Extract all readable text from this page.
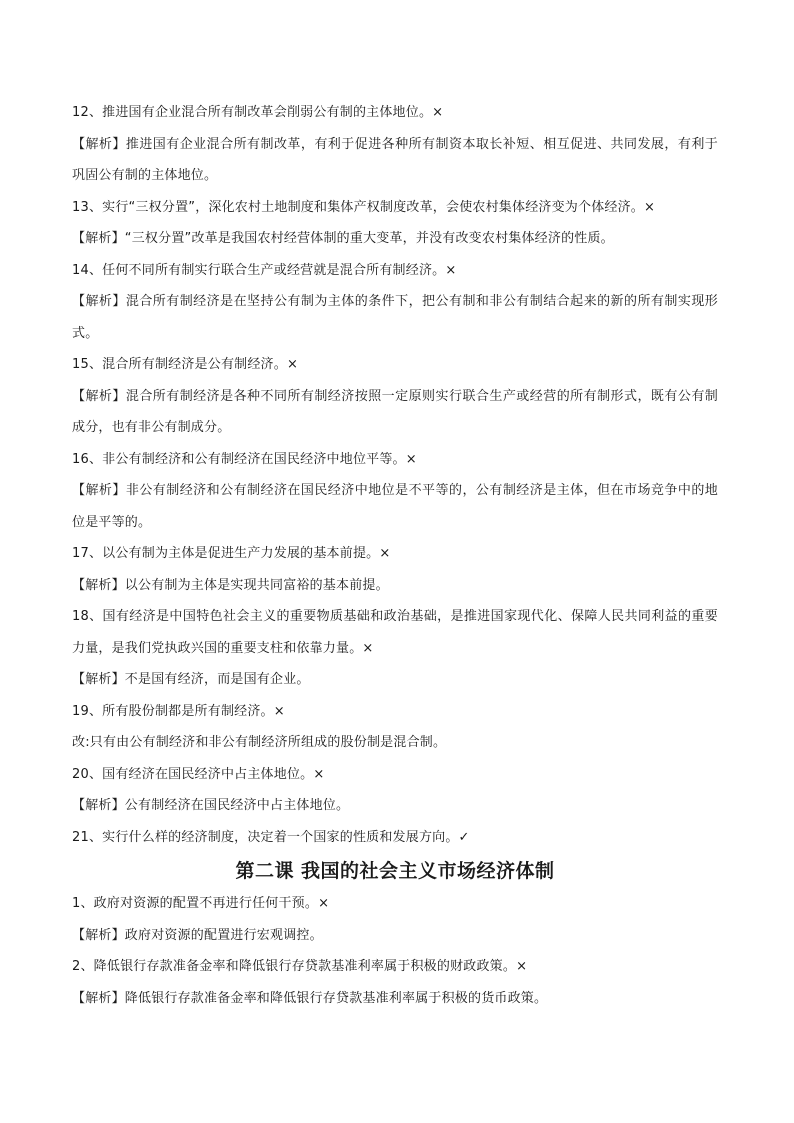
12、推进国有企业混合所有制改革会削弱公有制的主体地位。×
【解析】推进国有企业混合所有制改革，有利于促进各种所有制资本取长补短、相互促进、共同发展，有利于巩固公有制的主体地位。
13、实行“三权分置”，深化农村土地制度和集体产权制度改革，会使农村集体经济变为个体经济。×
【解析】“三权分置”改革是我国农村经营体制的重大变革，并没有改变农村集体经济的性质。
14、任何不同所有制实行联合生产或经营就是混合所有制经济。×
【解析】混合所有制经济是在坚持公有制为主体的条件下，把公有制和非公有制结合起来的新的所有制实现形式。
15、混合所有制经济是公有制经济。×
【解析】混合所有制经济是各种不同所有制经济按照一定原则实行联合生产或经营的所有制形式，既有公有制成分，也有非公有制成分。
16、非公有制经济和公有制经济在国民经济中地位平等。×
【解析】非公有制经济和公有制经济在国民经济中地位是不平等的，公有制经济是主体，但在市场竞争中的地位是平等的。
17、以公有制为主体是促进生产力发展的基本前提。×
【解析】以公有制为主体是实现共同富裕的基本前提。
18、国有经济是中国特色社会主义的重要物质基础和政治基础，是推进国家现代化、保障人民共同利益的重要力量，是我们党执政兴国的重要支柱和依靠力量。×
【解析】不是国有经济，而是国有企业。
19、所有股份制都是所有制经济。×
改:只有由公有制经济和非公有制经济所组成的股份制是混合制。
20、国有经济在国民经济中占主体地位。×
【解析】公有制经济在国民经济中占主体地位。
21、实行什么样的经济制度，决定着一个国家的性质和发展方向。✓
第二课 我国的社会主义市场经济体制
1、政府对资源的配置不再进行任何干预。×
【解析】政府对资源的配置进行宏观调控。
2、降低银行存款准备金率和降低银行存贷款基准利率属于积极的财政政策。×
【解析】降低银行存款准备金率和降低银行存贷款基准利率属于积极的货币政策。
